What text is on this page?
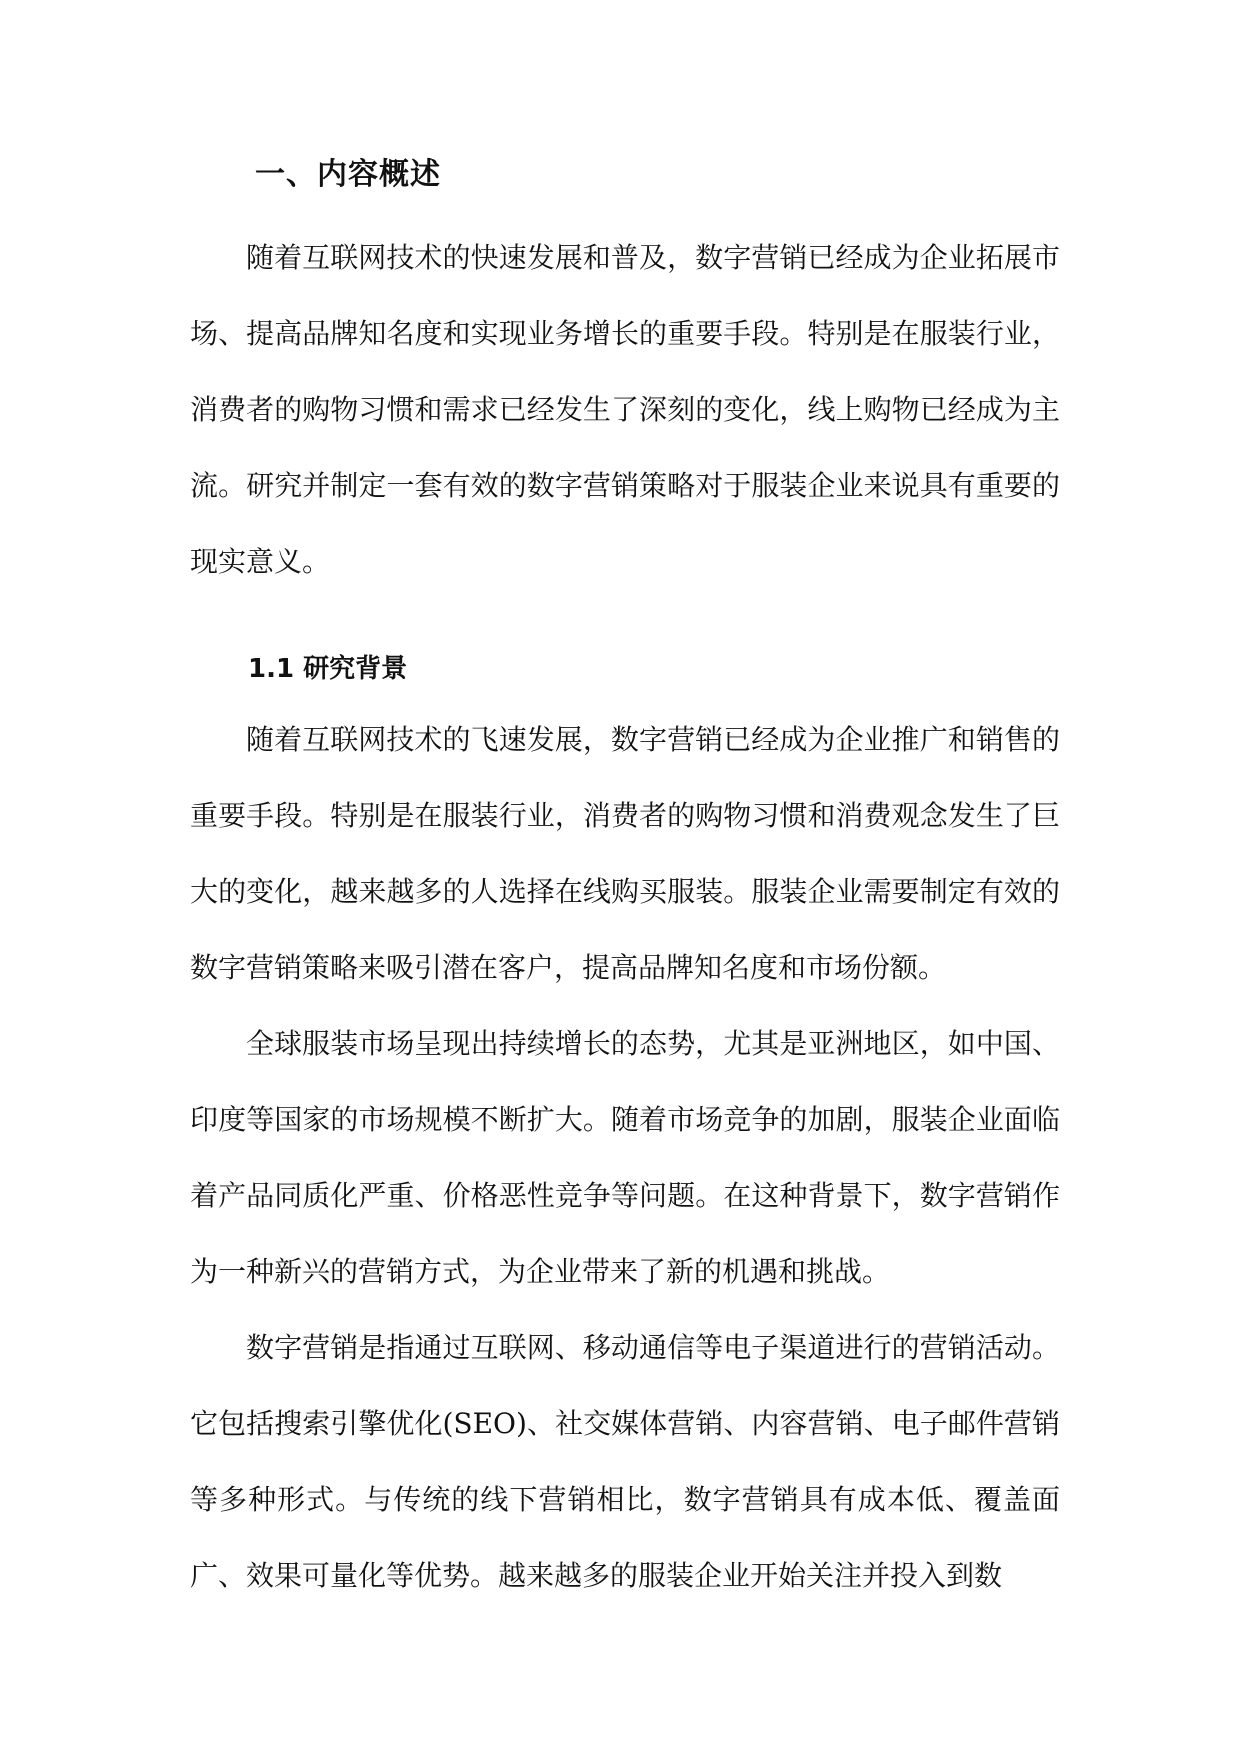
一、内容概述

随着互联网技术的快速发展和普及，数字营销已经成为企业拓展市场、提高品牌知名度和实现业务增长的重要手段。特别是在服装行业，消费者的购物习惯和需求已经发生了深刻的变化，线上购物已经成为主流。研究并制定一套有效的数字营销策略对于服装企业来说具有重要的现实意义。

1.1 研究背景

随着互联网技术的飞速发展，数字营销已经成为企业推广和销售的重要手段。特别是在服装行业，消费者的购物习惯和消费观念发生了巨大的变化，越来越多的人选择在线购买服装。服装企业需要制定有效的数字营销策略来吸引潜在客户，提高品牌知名度和市场份额。

全球服装市场呈现出持续增长的态势，尤其是亚洲地区，如中国、印度等国家的市场规模不断扩大。随着市场竞争的加剧，服装企业面临着产品同质化严重、价格恶性竞争等问题。在这种背景下，数字营销作为一种新兴的营销方式，为企业带来了新的机遇和挑战。

数字营销是指通过互联网、移动通信等电子渠道进行的营销活动。它包括搜索引擎优化(SEO)、社交媒体营销、内容营销、电子邮件营销等多种形式。与传统的线下营销相比，数字营销具有成本低、覆盖面广、效果可量化等优势。越来越多的服装企业开始关注并投入到数
